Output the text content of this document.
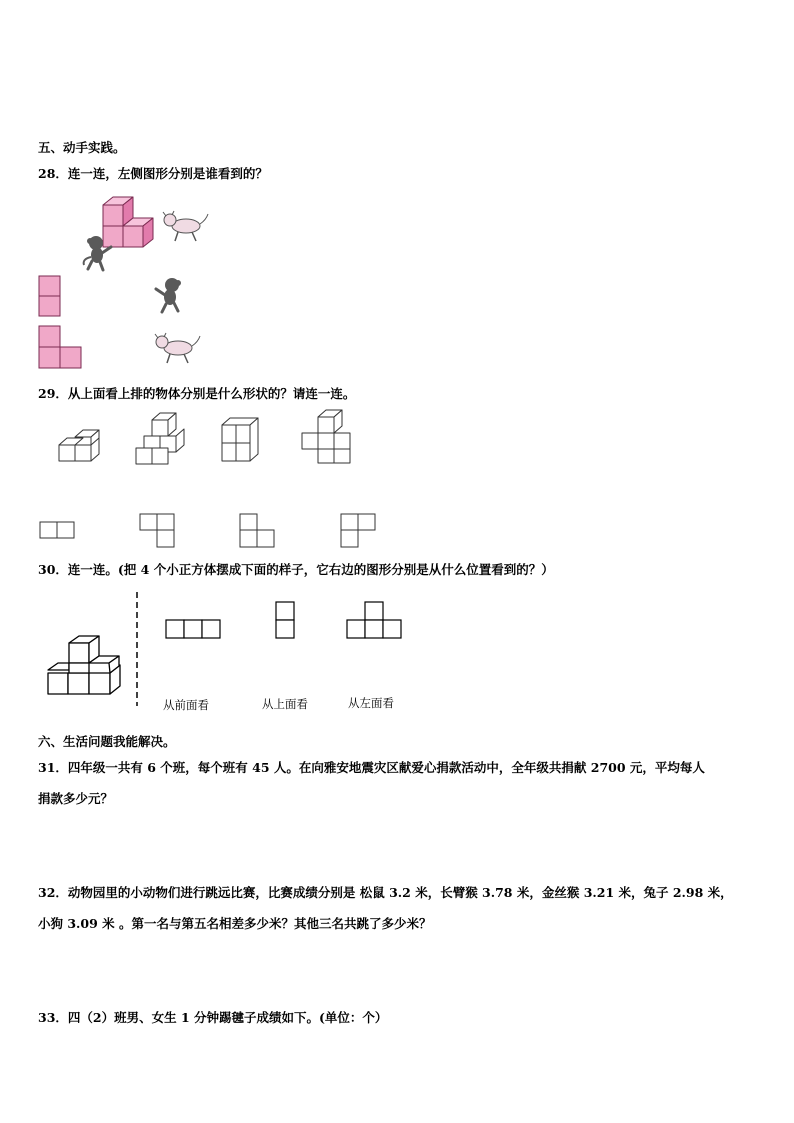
五、动手实践。
28．连一连，左侧图形分别是谁看到的？
29．从上面看上排的物体分别是什么形状的？请连一连。
30．连一连。(把 4 个小正方体摆成下面的样子，它右边的图形分别是从什么位置看到的？）
从前面看	从上面看	从左面看
六、生活问题我能解决。
31．四年级一共有 6 个班，每个班有 45 人。在向雅安地震灾区献爱心捐款活动中，全年级共捐献 2700 元，平均每人
捐款多少元？
32．动物园里的小动物们进行跳远比赛，比赛成绩分别是 松鼠 3.2 米，长臂猴 3.78 米，金丝猴 3.21 米，兔子 2.98 米，
小狗 3.09 米 。第一名与第五名相差多少米？其他三名共跳了多少米？
33．四（2）班男、女生 1 分钟踢毽子成绩如下。(单位：个）
